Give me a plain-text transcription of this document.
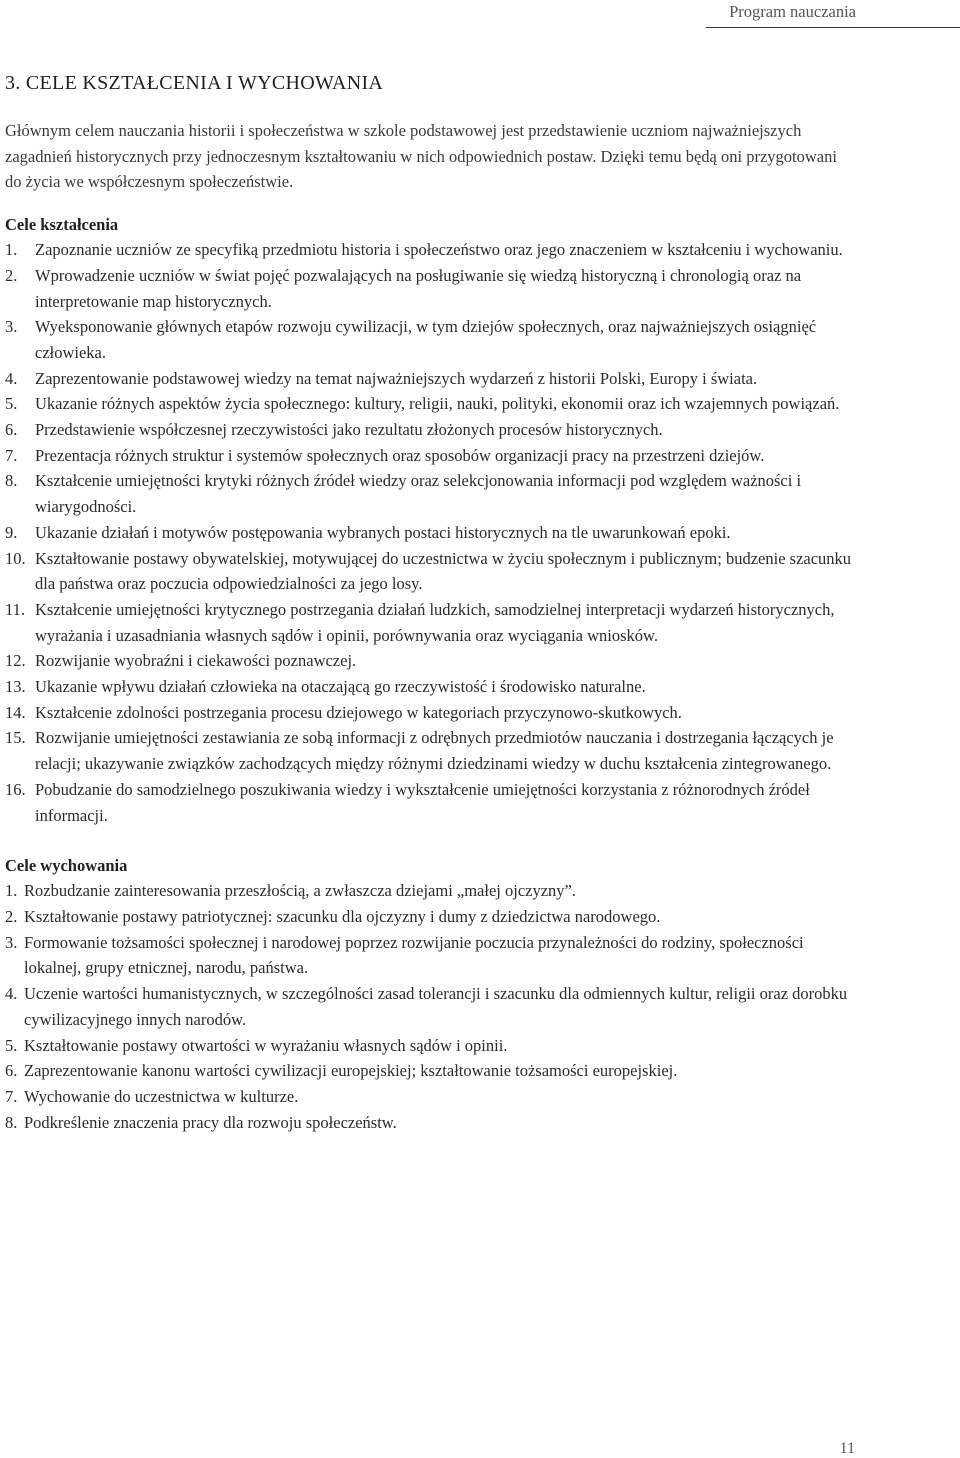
Program nauczania
3. CELE KSZTAŁCENIA I WYCHOWANIA

Głównym celem nauczania historii i społeczeństwa w szkole podstawowej jest przedstawienie uczniom najważniejszych zagadnień historycznych przy jednoczesnym kształtowaniu w nich odpowiednich postaw. Dzięki temu będą oni przygotowani do życia we współczesnym społeczeństwie.

Cele kształcenia
1. Zapoznanie uczniów ze specyfiką przedmiotu historia i społeczeństwo oraz jego znaczeniem w kształceniu i wychowaniu.
2. Wprowadzenie uczniów w świat pojęć pozwalających na posługiwanie się wiedzą historyczną i chronologią oraz na interpretowanie map historycznych.
3. Wyeksponowanie głównych etapów rozwoju cywilizacji, w tym dziejów społecznych, oraz najważniejszych osiągnięć człowieka.
4. Zaprezentowanie podstawowej wiedzy na temat najważniejszych wydarzeń z historii Polski, Europy i świata.
5. Ukazanie różnych aspektów życia społecznego: kultury, religii, nauki, polityki, ekonomii oraz ich wzajemnych powiązań.
6. Przedstawienie współczesnej rzeczywistości jako rezultatu złożonych procesów historycznych.
7. Prezentacja różnych struktur i systemów społecznych oraz sposobów organizacji pracy na przestrzeni dziejów.
8. Kształcenie umiejętności krytyki różnych źródeł wiedzy oraz selekcjonowania informacji pod względem ważności i wiarygodności.
9. Ukazanie działań i motywów postępowania wybranych postaci historycznych na tle uwarunkowań epoki.
10. Kształtowanie postawy obywatelskiej, motywującej do uczestnictwa w życiu społecznym i publicznym; budzenie szacunku dla państwa oraz poczucia odpowiedzialności za jego losy.
11. Kształcenie umiejętności krytycznego postrzegania działań ludzkich, samodzielnej interpretacji wydarzeń historycznych, wyrażania i uzasadniania własnych sądów i opinii, porównywania oraz wyciągania wniosków.
12. Rozwijanie wyobraźni i ciekawości poznawczej.
13. Ukazanie wpływu działań człowieka na otaczającą go rzeczywistość i środowisko naturalne.
14. Kształcenie zdolności postrzegania procesu dziejowego w kategoriach przyczynowo-skutkowych.
15. Rozwijanie umiejętności zestawiania ze sobą informacji z odrębnych przedmiotów nauczania i dostrzegania łączących je relacji; ukazywanie związków zachodzących między różnymi dziedzinami wiedzy w duchu kształcenia zintegrowanego.
16. Pobudzanie do samodzielnego poszukiwania wiedzy i wykształcenie umiejętności korzystania z różnorodnych źródeł informacji.
Cele wychowania
1. Rozbudzanie zainteresowania przeszłością, a zwłaszcza dziejami „małej ojczyzny”.
2. Kształtowanie postawy patriotycznej: szacunku dla ojczyzny i dumy z dziedzictwa narodowego.
3. Formowanie tożsamości społecznej i narodowej poprzez rozwijanie poczucia przynależności do rodziny, społeczności lokalnej, grupy etnicznej, narodu, państwa.
4. Uczenie wartości humanistycznych, w szczególności zasad tolerancji i szacunku dla odmiennych kultur, religii oraz dorobku cywilizacyjnego innych narodów.
5. Kształtowanie postawy otwartości w wyrażaniu własnych sądów i opinii.
6. Zaprezentowanie kanonu wartości cywilizacji europejskiej; kształtowanie tożsamości europejskiej.
7. Wychowanie do uczestnictwa w kulturze.
8. Podkreślenie znaczenia pracy dla rozwoju społeczeństw.
11
